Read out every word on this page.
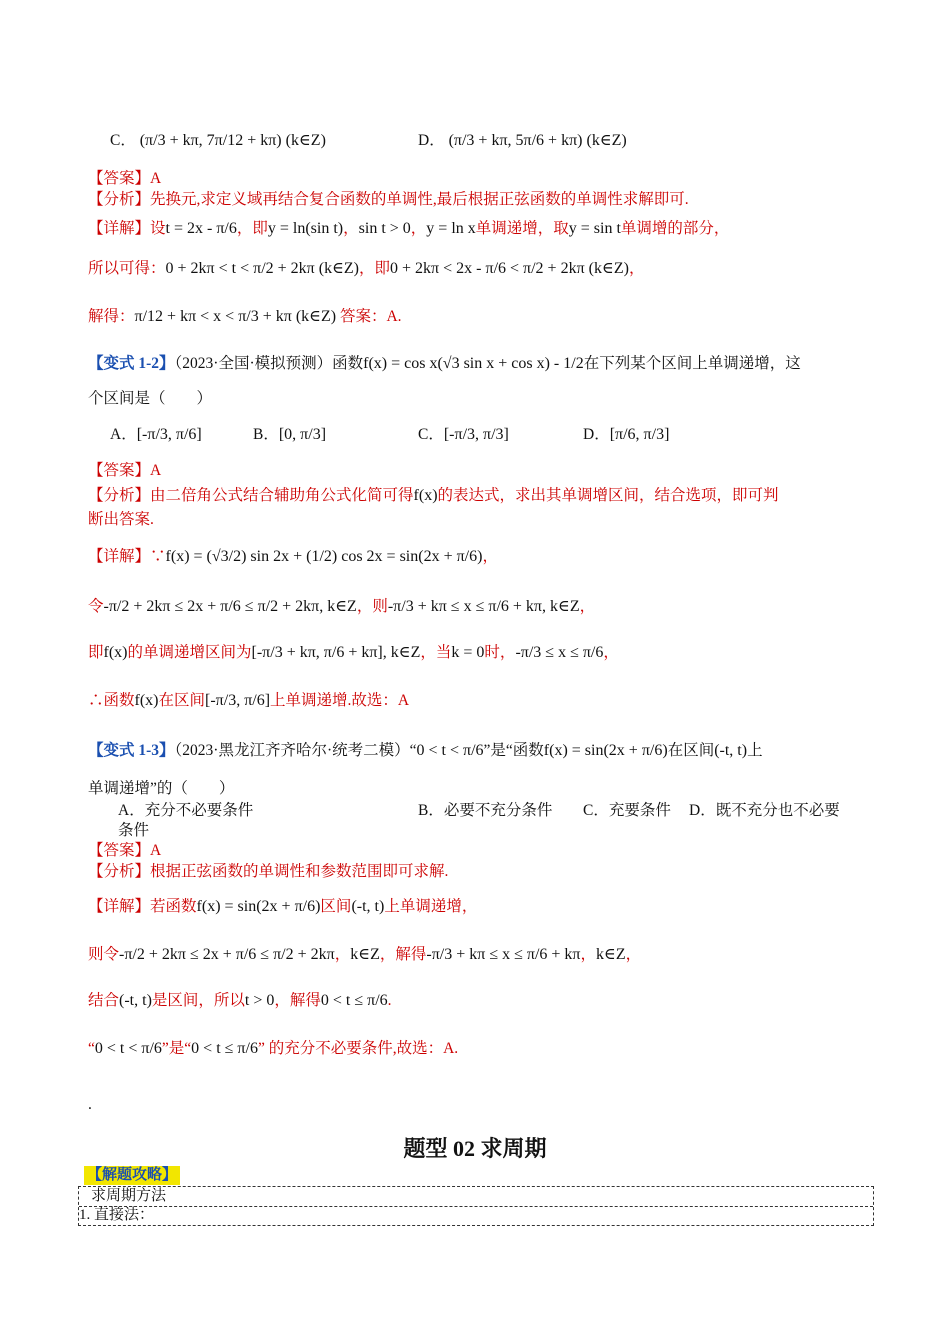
C． (π/3 + kπ, 7π/12 + kπ) (k∈Z)	D． (π/3 + kπ, 5π/6 + kπ) (k∈Z)
【答案】A
【分析】先换元,求定义域再结合复合函数的单调性,最后根据正弦函数的单调性求解即可.
【详解】设t = 2x - π/6，即y = ln(sin t)，sin t > 0，y = ln x单调递增，取y = sin t单调增的部分，
所以可得：0 + 2kπ < t < π/2 + 2kπ (k∈Z)，即0 + 2kπ < 2x - π/6 < π/2 + 2kπ (k∈Z)，
解得：π/12 + kπ < x < π/3 + kπ (k∈Z) 答案：A.
【变式 1-2】（2023·全国·模拟预测）函数f(x) = cos x(√3 sin x + cos x) - 1/2在下列某个区间上单调递增，这
个区间是（　　）
A．[-π/3, π/6]	B．[0, π/3]	C．[-π/3, π/3]	D．[π/6, π/3]
【答案】A
【分析】由二倍角公式结合辅助角公式化简可得f(x)的表达式，求出其单调增区间，结合选项，即可判
断出答案.
【详解】∵f(x) = (√3/2) sin 2x + (1/2) cos 2x = sin(2x + π/6)，
令-π/2 + 2kπ ≤ 2x + π/6 ≤ π/2 + 2kπ, k∈Z，则-π/3 + kπ ≤ x ≤ π/6 + kπ, k∈Z，
即f(x)的单调递增区间为[-π/3 + kπ, π/6 + kπ], k∈Z，当k = 0时，-π/3 ≤ x ≤ π/6，
∴函数f(x)在区间[-π/3, π/6]上单调递增.故选：A
【变式 1-3】（2023·黑龙江齐齐哈尔·统考二模）“0 < t < π/6”是“函数f(x) = sin(2x + π/6)在区间(-t, t)上
单调递增”的（　　）
A．充分不必要条件
条件
B．必要不充分条件 C．充要条件 D．既不充分也不必要
【答案】A
【分析】根据正弦函数的单调性和参数范围即可求解.
【详解】若函数f(x) = sin(2x + π/6)区间(-t, t)上单调递增，
则令-π/2 + 2kπ ≤ 2x + π/6 ≤ π/2 + 2kπ，k∈Z，解得-π/3 + kπ ≤ x ≤ π/6 + kπ，k∈Z，
结合(-t, t)是区间，所以t > 0，解得0 < t ≤ π/6.
“0 < t < π/6”是“0 < t ≤ π/6” 的充分不必要条件,故选：A.
.
题型 02 求周期
【解题攻略】
求周期方法
1. 直接法：
